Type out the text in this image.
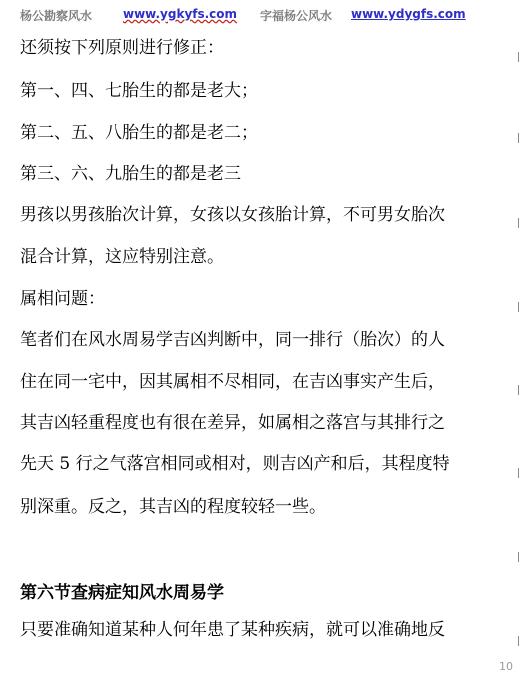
杨公勘察风水	www.ygkyfs.com 字福杨公风水 www.ydygfs.com
还须按下列原则进行修正：
第一、四、七胎生的都是老大；
第二、五、八胎生的都是老二；
第三、六、九胎生的都是老三
男孩以男孩胎次计算，女孩以女孩胎计算，不可男女胎次
混合计算，这应特别注意。
属相问题：
笔者们在风水周易学吉凶判断中，同一排行（胎次）的人
住在同一宅中，因其属相不尽相同，在吉凶事实产生后，
其吉凶轻重程度也有很在差异，如属相之落宫与其排行之
先天 5 行之气落宫相同或相对，则吉凶产和后，其程度特
别深重。反之，其吉凶的程度较轻一些。
第六节查病症知风水周易学
只要准确知道某种人何年患了某种疾病，就可以准确地反
10
